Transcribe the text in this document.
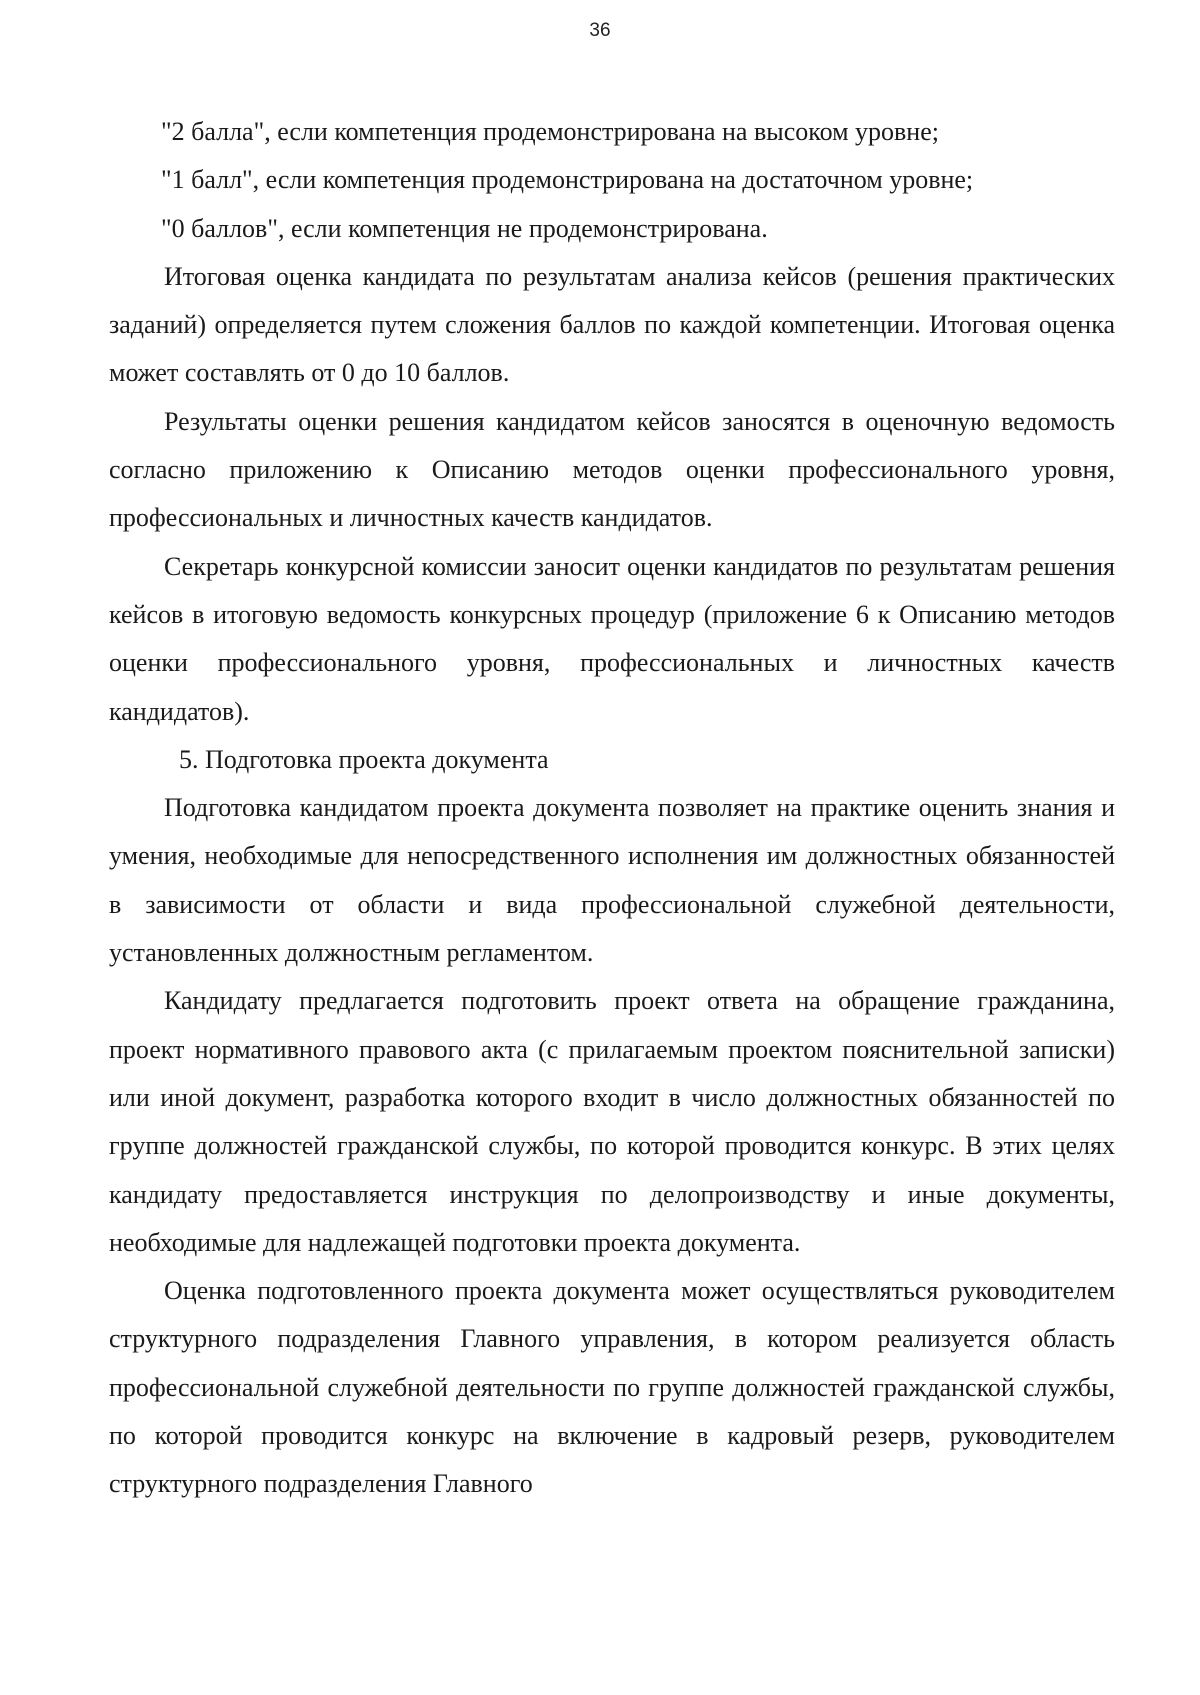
36

"2 балла", если компетенция продемонстрирована на высоком уровне;

"1 балл", если компетенция продемонстрирована на достаточном уровне;

"0 баллов", если компетенция не продемонстрирована.

Итоговая оценка кандидата по результатам анализа кейсов (решения практических заданий) определяется путем сложения баллов по каждой компетенции. Итоговая оценка может составлять от 0 до 10 баллов.

Результаты оценки решения кандидатом кейсов заносятся в оценочную ведомость согласно приложению к Описанию методов оценки профессионального уровня, профессиональных и личностных качеств кандидатов.

Секретарь конкурсной комиссии заносит оценки кандидатов по результатам решения кейсов в итоговую ведомость конкурсных процедур (приложение 6 к Описанию методов оценки профессионального уровня, профессиональных и личностных качеств кандидатов).

5. Подготовка проекта документа

Подготовка кандидатом проекта документа позволяет на практике оценить знания и умения, необходимые для непосредственного исполнения им должностных обязанностей в зависимости от области и вида профессиональной служебной деятельности, установленных должностным регламентом.

Кандидату предлагается подготовить проект ответа на обращение гражданина, проект нормативного правового акта (с прилагаемым проектом пояснительной записки) или иной документ, разработка которого входит в число должностных обязанностей по группе должностей гражданской службы, по которой проводится конкурс. В этих целях кандидату предоставляется инструкция по делопроизводству и иные документы, необходимые для надлежащей подготовки проекта документа.

Оценка подготовленного проекта документа может осуществляться руководителем структурного подразделения Главного управления, в котором реализуется область профессиональной служебной деятельности по группе должностей гражданской службы, по которой проводится конкурс на включение в кадровый резерв, руководителем структурного подразделения Главного
